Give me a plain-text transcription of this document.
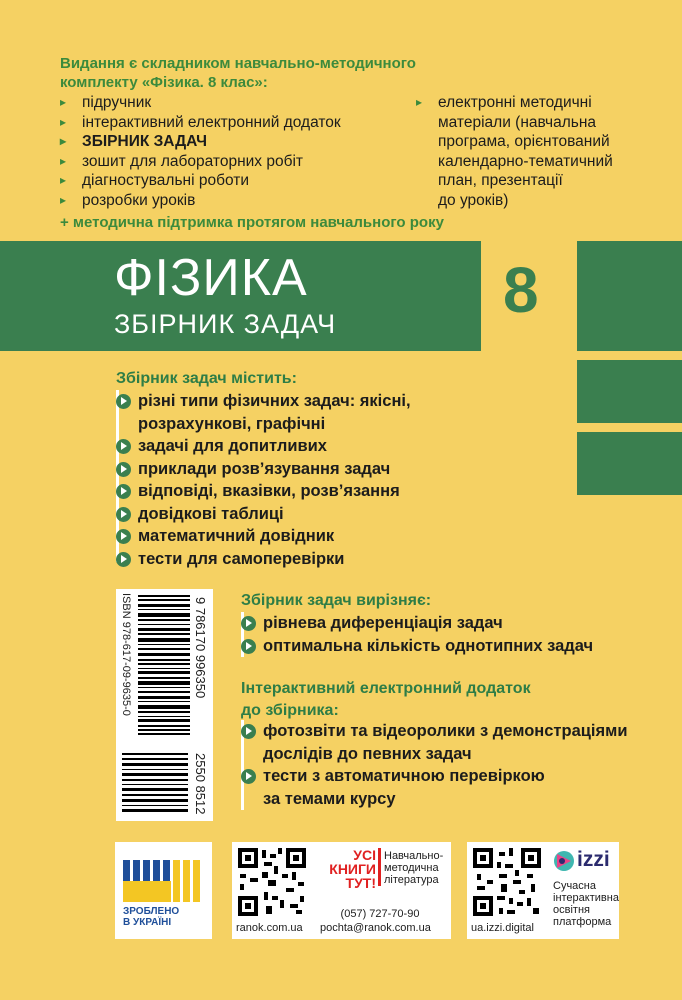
Видання є складником навчально-методичного
комплекту «Фізика. 8 клас»:
▸ підручник
▸ інтерактивний електронний додаток
▸ ЗБІРНИК ЗАДАЧ
▸ зошит для лабораторних робіт
▸ діагностувальні роботи
▸ розробки уроків
▸ електронні методичні
матеріали (навчальна
програма, орієнтований
календарно-тематичний
план, презентації
до уроків)
+ методична підтримка протягом навчального року
ФІЗИКА
ЗБІРНИК ЗАДАЧ	8
Збірник задач містить:
різні типи фізичних задач: якісні,
розрахункові, графічні
задачі для допитливих
приклади розв’язування задач
відповіді, вказівки, розв’язання
довідкові таблиці
математичний довідник
тести для самоперевірки
ISBN 978-617-09-9635-0	9 786170 996350
2550 8512
Збірник задач вирізняє:
рівнева диференціація задач
оптимальна кількість однотипних задач
Інтерактивний електронний додаток
до збірника:
фотозвіти та відеоролики з демонстраціями
дослідів до певних задач
тести з автоматичною перевіркою
за темами курсу
ЗРОБЛЕНО
В УКРАЇНІ
УСІ
КНИГИ
ТУТ!
Навчально-
методична
література
(057) 727-70-90
ranok.com.ua pochta@ranok.com.ua
izzi
Сучасна
інтерактивна
освітня
платформа
ua.izzi.digital
